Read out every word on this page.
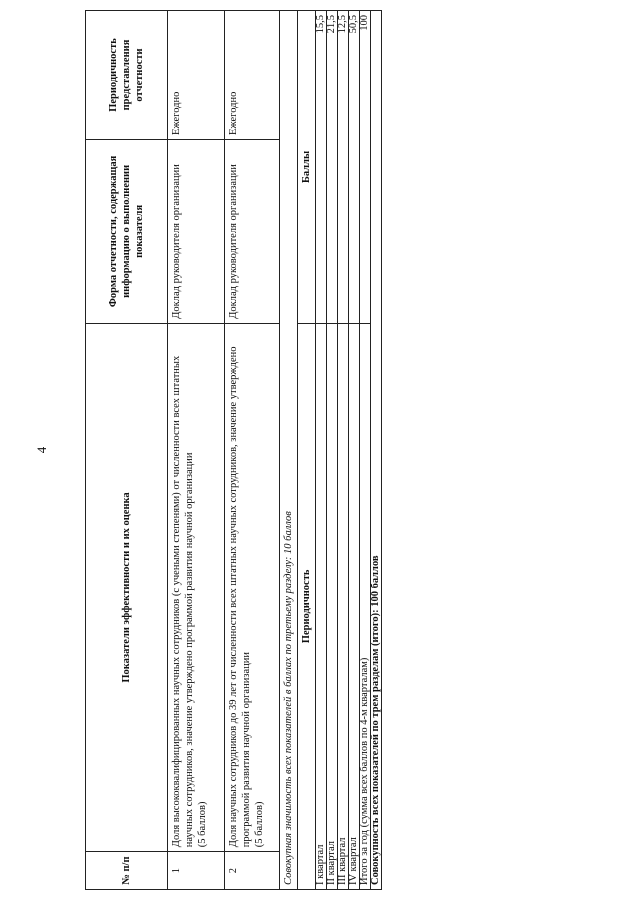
4
№ п/п	Показатели эффективности и их оценка	Форма отчетности, содержащая информацию о выполнении показателя	Периодичность представления отчетности
1	Доля высококвалифицированных научных сотрудников (с учеными степенями) от численности всех штатных научных сотрудников, значение утверждено программой развития научной организации (5 баллов)	Доклад руководителя организации	Ежегодно
2	Доля научных сотрудников до 39 лет от численности всех штатных научных сотрудников, значение утверждено программой развития научной организации (5 баллов)	Доклад руководителя организации	Ежегодно
Совокупная значимость всех показателей в баллах по третьему разделу: 10 баллов			
Периодичность		Баллы	
I квартал		15,5	
II квартал		21,5	
III квартал		12,5	
IV квартал		50,5	
Итого за год (сумма всех баллов по 4-м кварталам)		100	
Совокупность всех показателей по трем разделам (итого): 100 баллов			
